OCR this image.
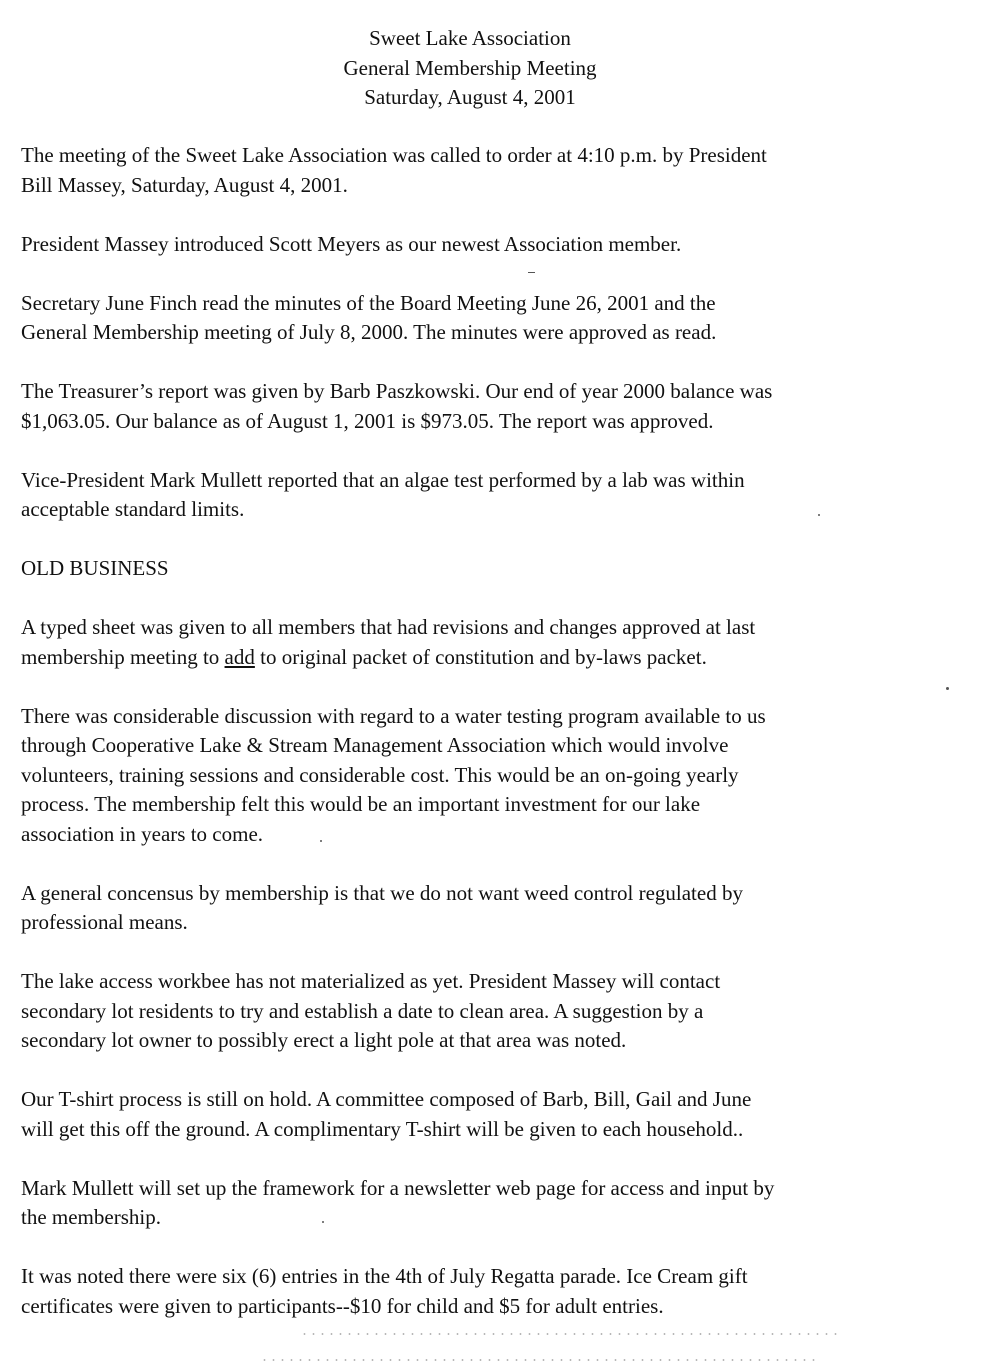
Sweet Lake Association
General Membership Meeting
Saturday, August 4, 2001

The meeting of the Sweet Lake Association was called to order at 4:10 p.m. by President
Bill Massey, Saturday, August 4, 2001.

President Massey introduced Scott Meyers as our newest Association member.

Secretary June Finch read the minutes of the Board Meeting June 26, 2001 and the
General Membership meeting of July 8, 2000. The minutes were approved as read.

The Treasurer’s report was given by Barb Paszkowski. Our end of year 2000 balance was
$1,063.05. Our balance as of August 1, 2001 is $973.05. The report was approved.

Vice-President Mark Mullett reported that an algae test performed by a lab was within
acceptable standard limits.

OLD BUSINESS

A typed sheet was given to all members that had revisions and changes approved at last
membership meeting to add to original packet of constitution and by-laws packet.

There was considerable discussion with regard to a water testing program available to us
through Cooperative Lake & Stream Management Association which would involve
volunteers, training sessions and considerable cost. This would be an on-going yearly
process. The membership felt this would be an important investment for our lake
association in years to come.

A general concensus by membership is that we do not want weed control regulated by
professional means.

The lake access workbee has not materialized as yet. President Massey will contact
secondary lot residents to try and establish a date to clean area. A suggestion by a
secondary lot owner to possibly erect a light pole at that area was noted.

Our T-shirt process is still on hold. A committee composed of Barb, Bill, Gail and June
will get this off the ground. A complimentary T-shirt will be given to each household..

Mark Mullett will set up the framework for a newsletter web page for access and input by
the membership.

It was noted there were six (6) entries in the 4th of July Regatta parade. Ice Cream gift
certificates were given to participants--$10 for child and $5 for adult entries.
